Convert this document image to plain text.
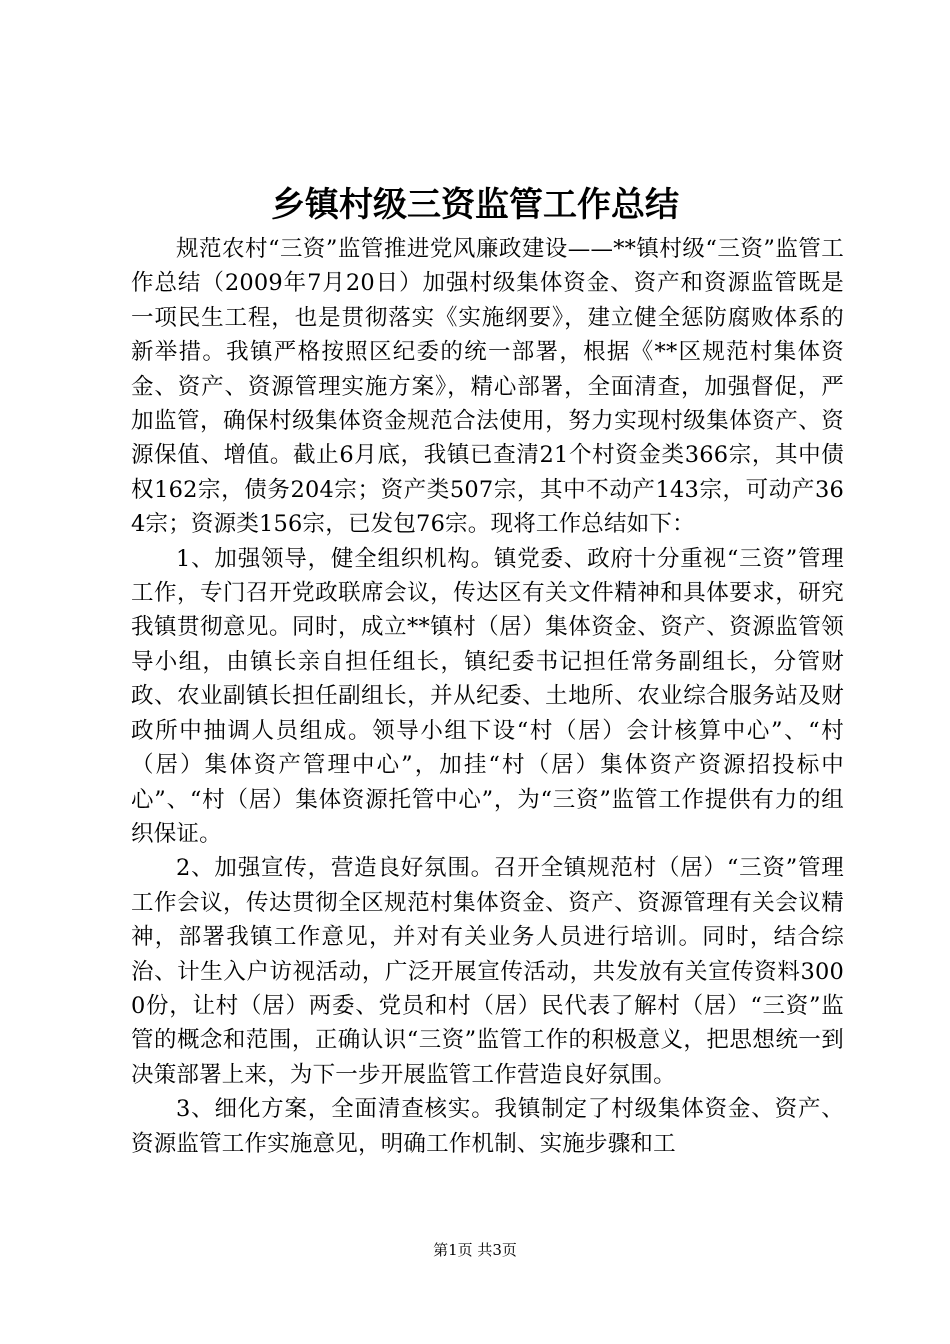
乡镇村级三资监管工作总结

规范农村“三资”监管推进党风廉政建设——**镇村级“三资”监管工作总结（2009年7月20日）加强村级集体资金、资产和资源监管既是一项民生工程，也是贯彻落实《实施纲要》，建立健全惩防腐败体系的新举措。我镇严格按照区纪委的统一部署，根据《**区规范村集体资金、资产、资源管理实施方案》，精心部署，全面清查，加强督促，严加监管，确保村级集体资金规范合法使用，努力实现村级集体资产、资源保值、增值。截止6月底，我镇已查清21个村资金类366宗，其中债权162宗，债务204宗；资产类507宗，其中不动产143宗，可动产364宗；资源类156宗，已发包76宗。现将工作总结如下：

1、加强领导，健全组织机构。镇党委、政府十分重视“三资”管理工作，专门召开党政联席会议，传达区有关文件精神和具体要求，研究我镇贯彻意见。同时，成立**镇村（居）集体资金、资产、资源监管领导小组，由镇长亲自担任组长，镇纪委书记担任常务副组长，分管财政、农业副镇长担任副组长，并从纪委、土地所、农业综合服务站及财政所中抽调人员组成。领导小组下设“村（居）会计核算中心”、“村（居）集体资产管理中心”，加挂“村（居）集体资产资源招投标中心”、“村（居）集体资源托管中心”，为“三资”监管工作提供有力的组织保证。

2、加强宣传，营造良好氛围。召开全镇规范村（居）“三资”管理工作会议，传达贯彻全区规范村集体资金、资产、资源管理有关会议精神，部署我镇工作意见，并对有关业务人员进行培训。同时，结合综治、计生入户访视活动，广泛开展宣传活动，共发放有关宣传资料3000份，让村（居）两委、党员和村（居）民代表了解村（居）“三资”监管的概念和范围，正确认识“三资”监管工作的积极意义，把思想统一到决策部署上来，为下一步开展监管工作营造良好氛围。

3、细化方案，全面清查核实。我镇制定了村级集体资金、资产、资源监管工作实施意见，明确工作机制、实施步骤和工

第1页 共3页
